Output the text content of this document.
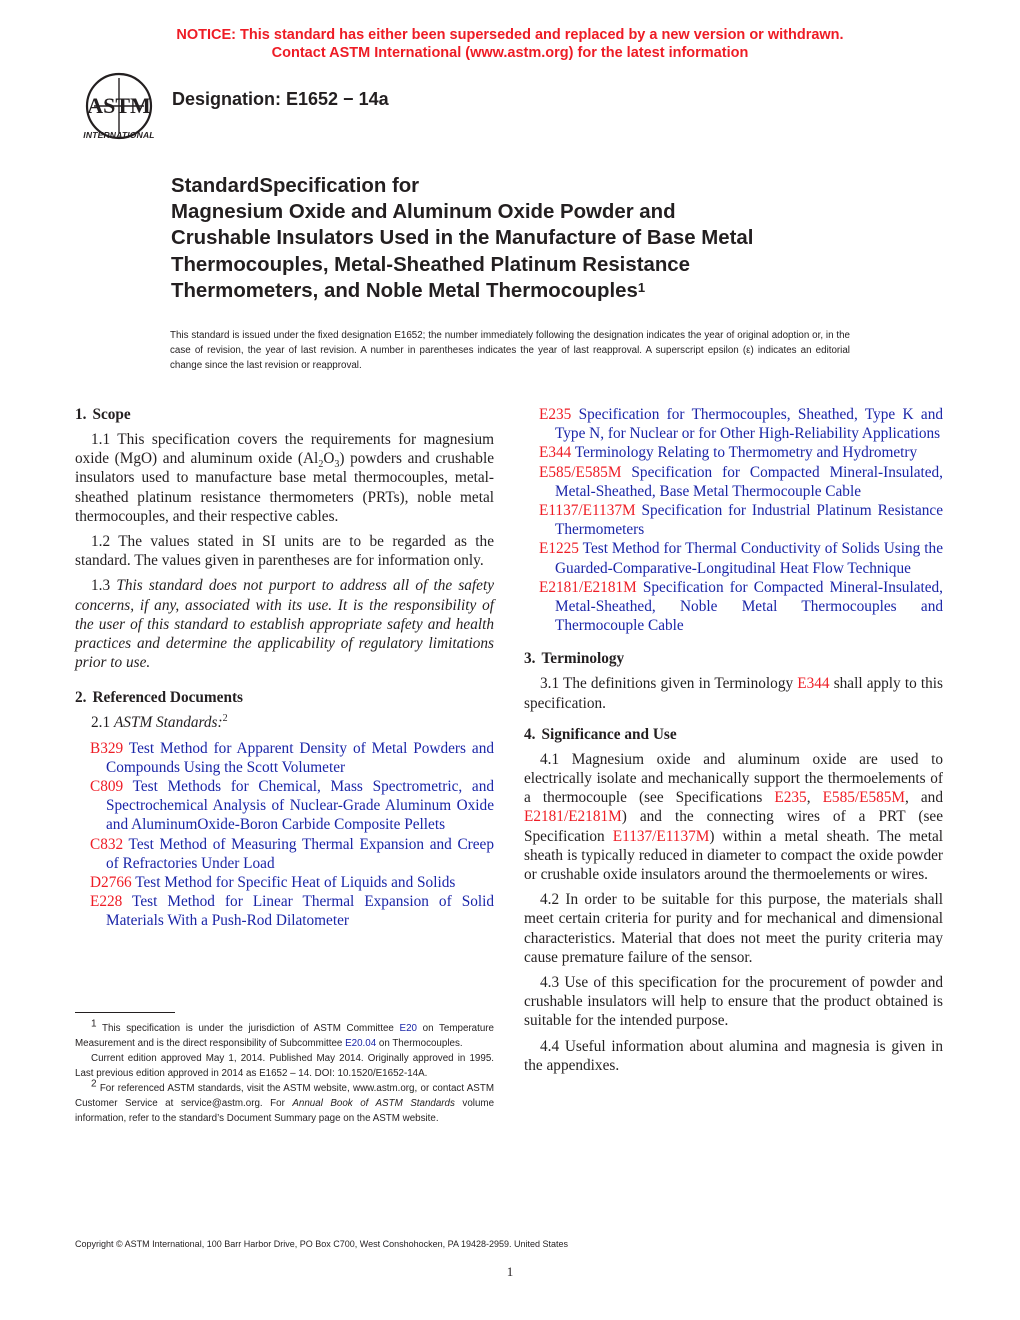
NOTICE: This standard has either been superseded and replaced by a new version or withdrawn.
Contact ASTM International (www.astm.org) for the latest information
ASTM
INTERNATIONAL
Designation: E1652 − 14a
StandardSpecification for
Magnesium Oxide and Aluminum Oxide Powder and
Crushable Insulators Used in the Manufacture of Base Metal
Thermocouples, Metal-Sheathed Platinum Resistance
Thermometers, and Noble Metal Thermocouples$^1$
This standard is issued under the fixed designation E1652; the number immediately following the designation indicates the year of original adoption or, in the case of revision, the year of last revision. A number in parentheses indicates the year of last reapproval. A superscript epsilon (ε) indicates an editorial change since the last revision or reapproval.
1. Scope

1.1 This specification covers the requirements for magnesium oxide (MgO) and aluminum oxide $(Al_2O_3)$ powders and crushable insulators used to manufacture base metal thermocouples, metal-sheathed platinum resistance thermometers (PRTs), noble metal thermocouples, and their respective cables.

1.2 The values stated in SI units are to be regarded as the standard. The values given in parentheses are for information only.

1.3 This standard does not purport to address all of the safety concerns, if any, associated with its use. It is the responsibility of the user of this standard to establish appropriate safety and health practices and determine the applicability of regulatory limitations prior to use.

2. Referenced Documents

2.1 ASTM Standards:$^2$

B329 Test Method for Apparent Density of Metal Powders and Compounds Using the Scott Volumeter

C809 Test Methods for Chemical, Mass Spectrometric, and Spectrochemical Analysis of Nuclear-Grade Aluminum Oxide and AluminumOxide-Boron Carbide Composite Pellets

C832 Test Method of Measuring Thermal Expansion and Creep of Refractories Under Load

D2766 Test Method for Specific Heat of Liquids and Solids

E228 Test Method for Linear Thermal Expansion of Solid Materials With a Push-Rod Dilatometer

E235 Specification for Thermocouples, Sheathed, Type K and Type N, for Nuclear or for Other High-Reliability Applications

E344 Terminology Relating to Thermometry and Hydrometry

E585/E585M Specification for Compacted Mineral-Insulated, Metal-Sheathed, Base Metal Thermocouple Cable

E1137/E1137M Specification for Industrial Platinum Resistance Thermometers

E1225 Test Method for Thermal Conductivity of Solids Using the Guarded-Comparative-Longitudinal Heat Flow Technique

E2181/E2181M Specification for Compacted Mineral-Insulated, Metal-Sheathed, Noble Metal Thermocouples and Thermocouple Cable

3. Terminology

3.1 The definitions given in Terminology E344 shall apply to this specification.

4. Significance and Use

4.1 Magnesium oxide and aluminum oxide are used to electrically isolate and mechanically support the thermoelements of a thermocouple (see Specifications E235, E585/E585M, and E2181/E2181M) and the connecting wires of a PRT (see Specification E1137/E1137M) within a metal sheath. The metal sheath is typically reduced in diameter to compact the oxide powder or crushable oxide insulators around the thermoelements or wires.

4.2 In order to be suitable for this purpose, the materials shall meet certain criteria for purity and for mechanical and dimensional characteristics. Material that does not meet the purity criteria may cause premature failure of the sensor.

4.3 Use of this specification for the procurement of powder and crushable insulators will help to ensure that the product obtained is suitable for the intended purpose.

4.4 Useful information about alumina and magnesia is given in the appendixes.

$^1$ This specification is under the jurisdiction of ASTM Committee E20 on Temperature Measurement and is the direct responsibility of Subcommittee E20.04 on Thermocouples.

Current edition approved May 1, 2014. Published May 2014. Originally approved in 1995. Last previous edition approved in 2014 as E1652 – 14. DOI: 10.1520/E1652-14A.

$^2$ For referenced ASTM standards, visit the ASTM website, www.astm.org, or contact ASTM Customer Service at service@astm.org. For Annual Book of ASTM Standards volume information, refer to the standard’s Document Summary page on the ASTM website.

Copyright © ASTM International, 100 Barr Harbor Drive, PO Box C700, West Conshohocken, PA 19428-2959. United States
1
